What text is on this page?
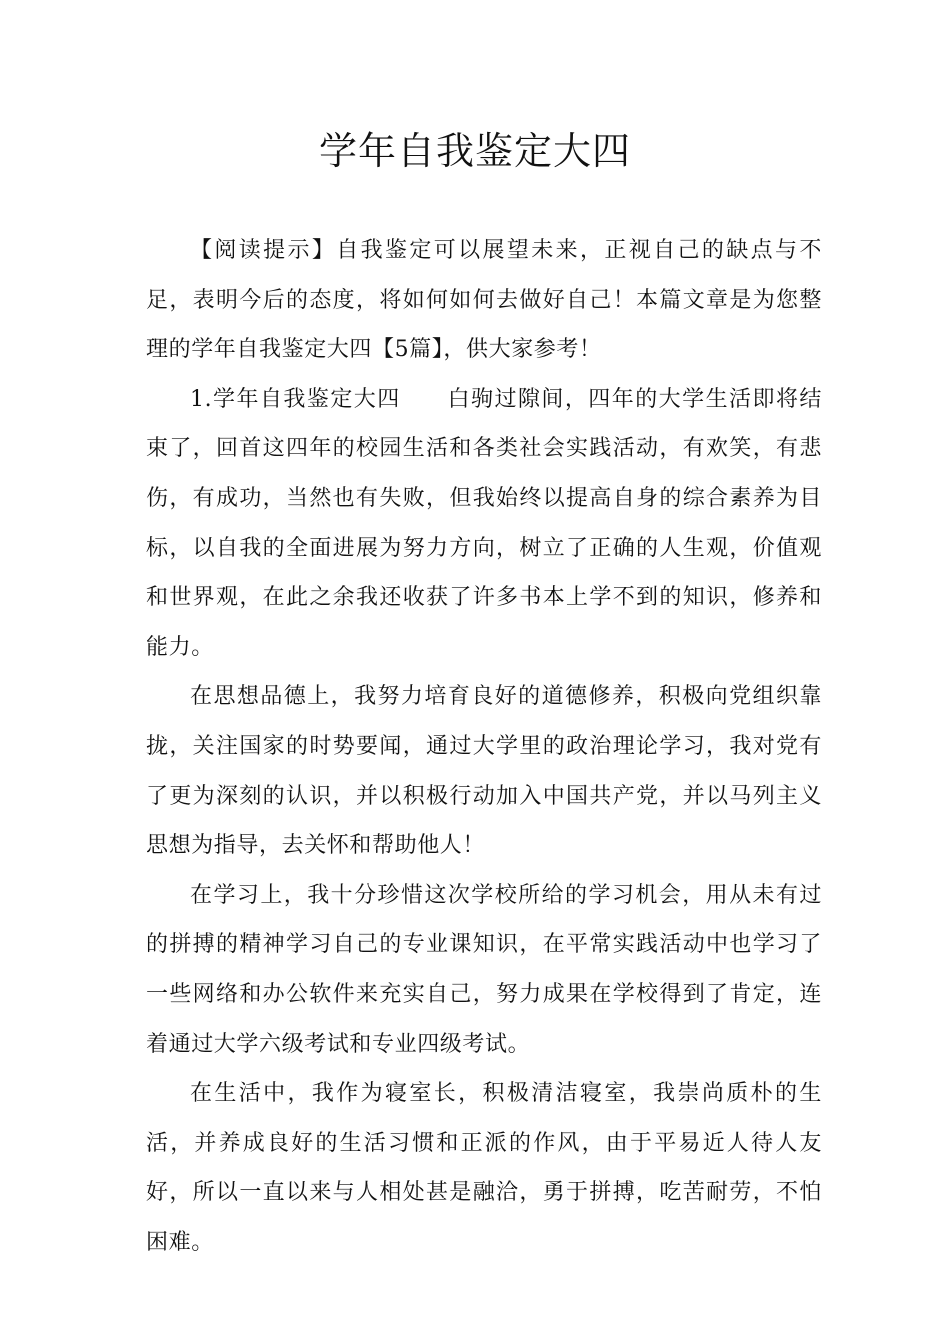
学年自我鉴定大四

【阅读提示】自我鉴定可以展望未来，正视自己的缺点与不足，表明今后的态度，将如何如何去做好自己！本篇文章是为您整理的学年自我鉴定大四【5篇】，供大家参考！

1.学年自我鉴定大四　　白驹过隙间，四年的大学生活即将结束了，回首这四年的校园生活和各类社会实践活动，有欢笑，有悲伤，有成功，当然也有失败，但我始终以提高自身的综合素养为目标，以自我的全面进展为努力方向，树立了正确的人生观，价值观和世界观，在此之余我还收获了许多书本上学不到的知识，修养和能力。

在思想品德上，我努力培育良好的道德修养，积极向党组织靠拢，关注国家的时势要闻，通过大学里的政治理论学习，我对党有了更为深刻的认识，并以积极行动加入中国共产党，并以马列主义思想为指导，去关怀和帮助他人！

在学习上，我十分珍惜这次学校所给的学习机会，用从未有过的拼搏的精神学习自己的专业课知识，在平常实践活动中也学习了一些网络和办公软件来充实自己，努力成果在学校得到了肯定，连着通过大学六级考试和专业四级考试。

在生活中，我作为寝室长，积极清洁寝室，我崇尚质朴的生活，并养成良好的生活习惯和正派的作风，由于平易近人待人友好，所以一直以来与人相处甚是融洽，勇于拼搏，吃苦耐劳，不怕困难。
